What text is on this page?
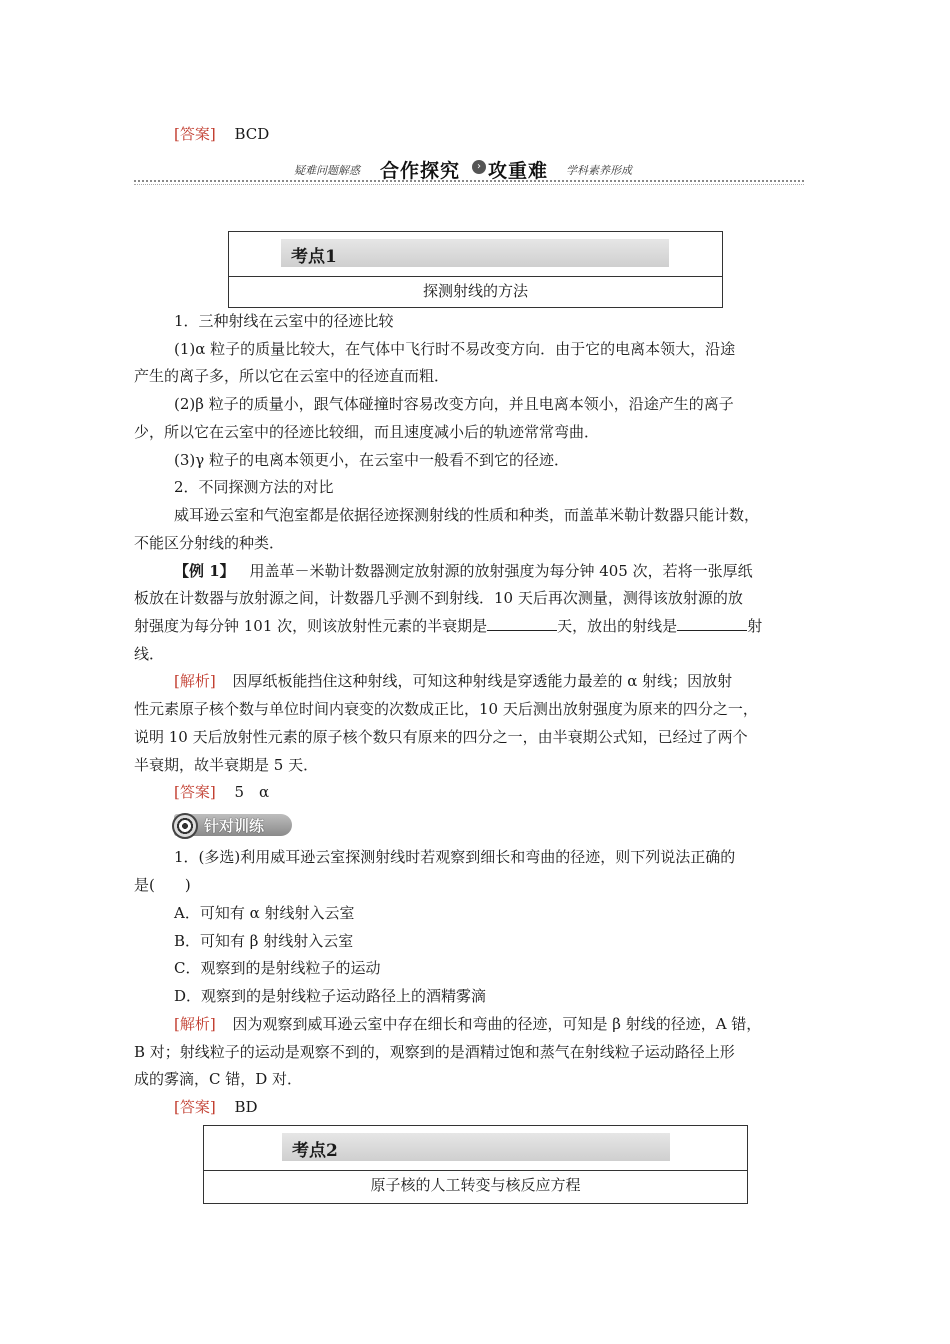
[答案] BCD
疑难问题解惑 合作探究	› 攻重难 学科素养形成
考点1
探测射线的方法
1．三种射线在云室中的径迹比较
(1)α 粒子的质量比较大，在气体中飞行时不易改变方向．由于它的电离本领大，沿途
产生的离子多，所以它在云室中的径迹直而粗．
(2)β 粒子的质量小，跟气体碰撞时容易改变方向，并且电离本领小，沿途产生的离子
少，所以它在云室中的径迹比较细，而且速度减小后的轨迹常常弯曲．
(3)γ 粒子的电离本领更小，在云室中一般看不到它的径迹．
2．不同探测方法的对比
威耳逊云室和气泡室都是依据径迹探测射线的性质和种类，而盖革米勒计数器只能计数，
不能区分射线的种类．
【例 1】 用盖革－米勒计数器测定放射源的放射强度为每分钟 405 次，若将一张厚纸
板放在计数器与放射源之间，计数器几乎测不到射线．10 天后再次测量，测得该放射源的放
射强度为每分钟 101 次，则该放射性元素的半衰期是	天，放出的射线是	射
线．
[解析] 因厚纸板能挡住这种射线，可知这种射线是穿透能力最差的 α 射线；因放射
性元素原子核个数与单位时间内衰变的次数成正比，10 天后测出放射强度为原来的四分之一，
说明 10 天后放射性元素的原子核个数只有原来的四分之一，由半衰期公式知，已经过了两个
半衰期，故半衰期是 5 天．
[答案] 5　α
针对训练
1．(多选)利用威耳逊云室探测射线时若观察到细长和弯曲的径迹，则下列说法正确的
是(　　)
A．可知有 α 射线射入云室
B．可知有 β 射线射入云室
C．观察到的是射线粒子的运动
D．观察到的是射线粒子运动路径上的酒精雾滴
[解析] 因为观察到威耳逊云室中存在细长和弯曲的径迹，可知是 β 射线的径迹，A 错，
B 对；射线粒子的运动是观察不到的，观察到的是酒精过饱和蒸气在射线粒子运动路径上形
成的雾滴，C 错，D 对．
[答案] BD
考点2
原子核的人工转变与核反应方程
